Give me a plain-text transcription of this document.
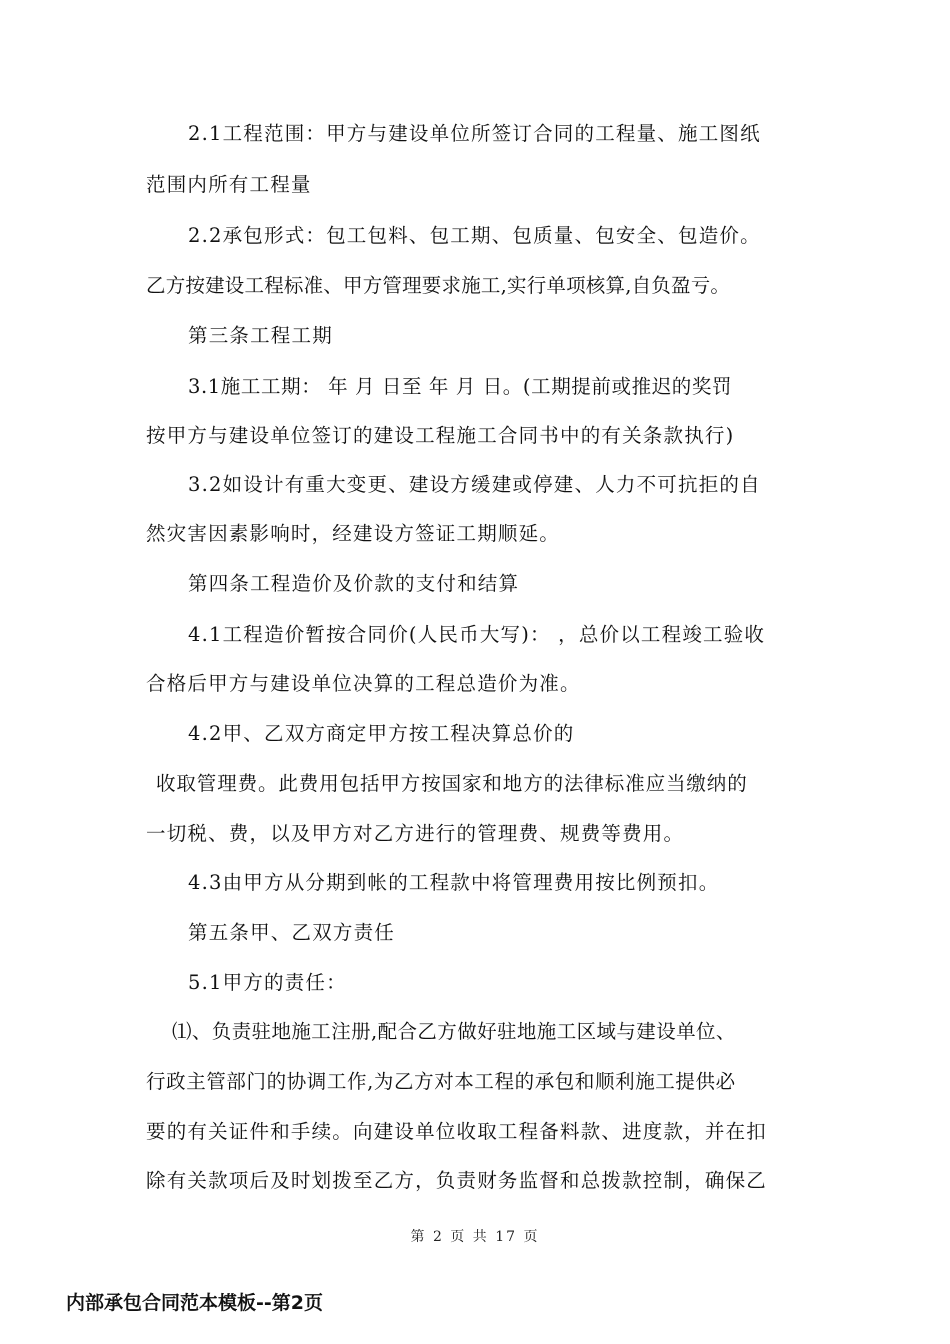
2.1工程范围：甲方与建设单位所签订合同的工程量、施工图纸
范围内所有工程量
2.2承包形式：包工包料、包工期、包质量、包安全、包造价。
乙方按建设工程标准、甲方管理要求施工,实行单项核算,自负盈亏。
第三条工程工期
3.1施工工期： 年 月 日至 年 月 日。(工期提前或推迟的奖罚
按甲方与建设单位签订的建设工程施工合同书中的有关条款执行)
3.2如设计有重大变更、建设方缓建或停建、人力不可抗拒的自
然灾害因素影响时，经建设方签证工期顺延。
第四条工程造价及价款的支付和结算
4.1工程造价暂按合同价(人民币大写)： ，总价以工程竣工验收
合格后甲方与建设单位决算的工程总造价为准。
4.2甲、乙双方商定甲方按工程决算总价的
收取管理费。此费用包括甲方按国家和地方的法律标准应当缴纳的
一切税、费，以及甲方对乙方进行的管理费、规费等费用。
4.3由甲方从分期到帐的工程款中将管理费用按比例预扣。
第五条甲、乙双方责任
5.1甲方的责任：
⑴、负责驻地施工注册,配合乙方做好驻地施工区域与建设单位、
行政主管部门的协调工作,为乙方对本工程的承包和顺利施工提供必
要的有关证件和手续。向建设单位收取工程备料款、进度款，并在扣
除有关款项后及时划拨至乙方，负责财务监督和总拨款控制，确保乙
第 2 页 共 17 页
内部承包合同范本模板--第2页
